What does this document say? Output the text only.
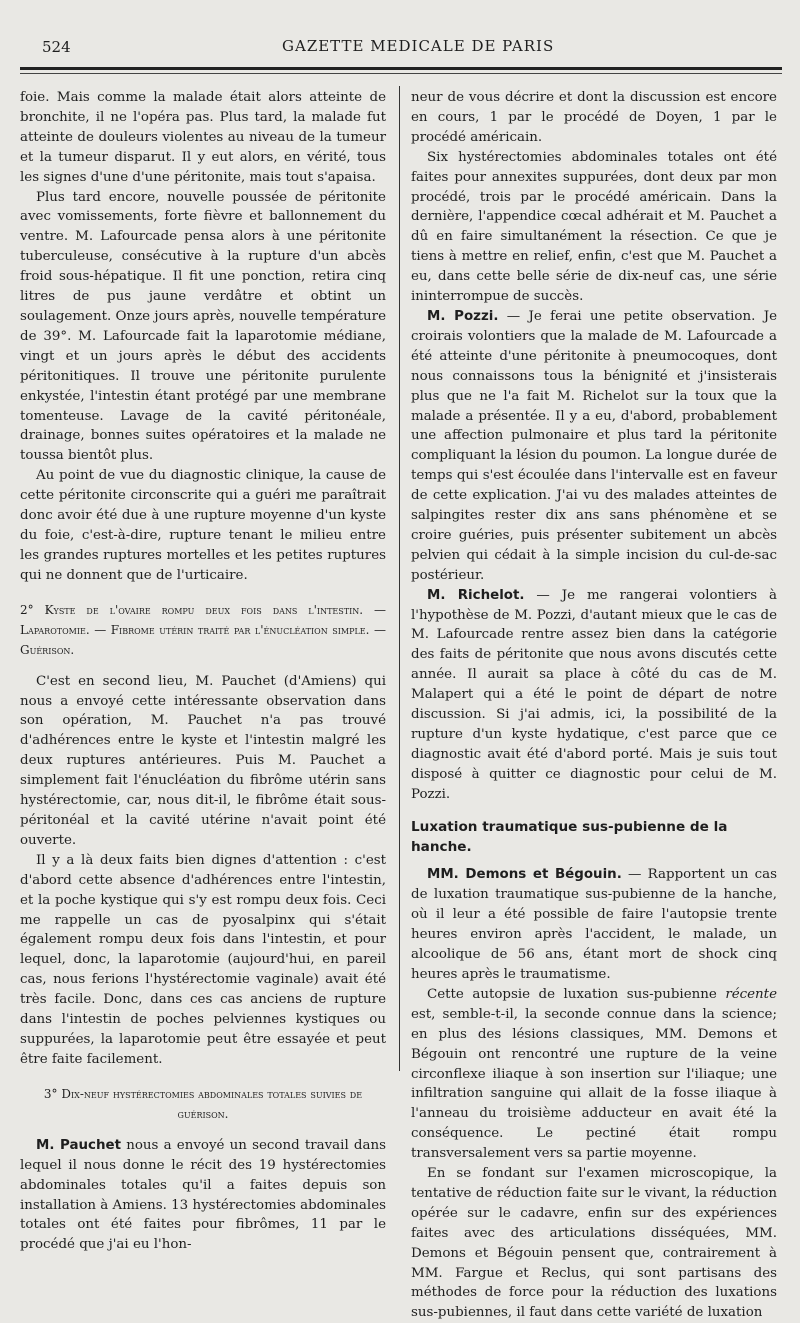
524	GAZETTE MEDICALE DE PARIS

foie. Mais comme la malade était alors atteinte de bronchite, il ne l'opéra pas. Plus tard, la malade fut atteinte de douleurs violentes au niveau de la tumeur et la tumeur disparut. Il y eut alors, en vérité, tous les signes d'une d'une péritonite, mais tout s'apaisa.

Plus tard encore, nouvelle poussée de péritonite avec vomissements, forte fièvre et ballonnement du ventre. M. Lafourcade pensa alors à une péritonite tuberculeuse, consécutive à la rupture d'un abcès froid sous-hépatique. Il fit une ponction, retira cinq litres de pus jaune verdâtre et obtint un soulagement. Onze jours après, nouvelle température de 39°. M. Lafourcade fait la laparotomie médiane, vingt et un jours après le début des accidents péritonitiques. Il trouve une péritonite purulente enkystée, l'intestin étant protégé par une membrane tomenteuse. Lavage de la cavité péritonéale, drainage, bonnes suites opératoires et la malade ne toussa bientôt plus.

Au point de vue du diagnostic clinique, la cause de cette péritonite circonscrite qui a guéri me paraîtrait donc avoir été due à une rupture moyenne d'un kyste du foie, c'est-à-dire, rupture tenant le milieu entre les grandes ruptures mortelles et les petites ruptures qui ne donnent que de l'urticaire.

2° Kyste de l'ovaire rompu deux fois dans l'intestin. — Laparotomie. — Fibrome utérin traité par l'énucléation simple. — Guérison.

C'est en second lieu, M. Pauchet (d'Amiens) qui nous a envoyé cette intéressante observation dans son opération, M. Pauchet n'a pas trouvé d'adhérences entre le kyste et l'intestin malgré les deux ruptures antérieures. Puis M. Pauchet a simplement fait l'énucléation du fibrôme utérin sans hystérectomie, car, nous dit-il, le fibrôme était sous-péritonéal et la cavité utérine n'avait point été ouverte.

Il y a là deux faits bien dignes d'attention : c'est d'abord cette absence d'adhérences entre l'intestin, et la poche kystique qui s'y est rompu deux fois. Ceci me rappelle un cas de pyosalpinx qui s'était également rompu deux fois dans l'intestin, et pour lequel, donc, la laparotomie (aujourd'hui, en pareil cas, nous ferions l'hystérectomie vaginale) avait été très facile. Donc, dans ces cas anciens de rupture dans l'intestin de poches pelviennes kystiques ou suppurées, la laparotomie peut être essayée et peut être faite facilement.

3° Dix-neuf hystérectomies abdominales totales suivies de guérison.

M. Pauchet nous a envoyé un second travail dans lequel il nous donne le récit des 19 hystérectomies abdominales totales qu'il a faites depuis son installation à Amiens. 13 hystérectomies abdominales totales ont été faites pour fibrômes, 11 par le procédé que j'ai eu l'hon-

neur de vous décrire et dont la discussion est encore en cours, 1 par le procédé de Doyen, 1 par le procédé américain.

Six hystérectomies abdominales totales ont été faites pour annexites suppurées, dont deux par mon procédé, trois par le procédé américain. Dans la dernière, l'appendice cœcal adhérait et M. Pauchet a dû en faire simultanément la résection. Ce que je tiens à mettre en relief, enfin, c'est que M. Pauchet a eu, dans cette belle série de dix-neuf cas, une série ininterrompue de succès.

M. Pozzi. — Je ferai une petite observation. Je croirais volontiers que la malade de M. Lafourcade a été atteinte d'une péritonite à pneumocoques, dont nous connaissons tous la bénignité et j'insisterais plus que ne l'a fait M. Richelot sur la toux que la malade a présentée. Il y a eu, d'abord, probablement une affection pulmonaire et plus tard la péritonite compliquant la lésion du poumon. La longue durée de temps qui s'est écoulée dans l'intervalle est en faveur de cette explication. J'ai vu des malades atteintes de salpingites rester dix ans sans phénomène et se croire guéries, puis présenter subitement un abcès pelvien qui cédait à la simple incision du cul-de-sac postérieur.

M. Richelot. — Je me rangerai volontiers à l'hypothèse de M. Pozzi, d'autant mieux que le cas de M. Lafourcade rentre assez bien dans la catégorie des faits de péritonite que nous avons discutés cette année. Il aurait sa place à côté du cas de M. Malapert qui a été le point de départ de notre discussion. Si j'ai admis, ici, la possibilité de la rupture d'un kyste hydatique, c'est parce que ce diagnostic avait été d'abord porté. Mais je suis tout disposé à quitter ce diagnostic pour celui de M. Pozzi.

Luxation traumatique sus-pubienne de la hanche.

MM. Demons et Bégouin. — Rapportent un cas de luxation traumatique sus-pubienne de la hanche, où il leur a été possible de faire l'autopsie trente heures environ après l'accident, le malade, un alcoolique de 56 ans, étant mort de shock cinq heures après le traumatisme.

Cette autopsie de luxation sus-pubienne récente est, semble-t-il, la seconde connue dans la science; en plus des lésions classiques, MM. Demons et Bégouin ont rencontré une rupture de la veine circonflexe iliaque à son insertion sur l'iliaque; une infiltration sanguine qui allait de la fosse iliaque à l'anneau du troisième adducteur en avait été la conséquence. Le pectiné était rompu transversalement vers sa partie moyenne.

En se fondant sur l'examen microscopique, la tentative de réduction faite sur le vivant, la réduction opérée sur le cadavre, enfin sur des expériences faites avec des articulations disséquées, MM. Demons et Bégouin pensent que, contrairement à MM. Fargue et Reclus, qui sont partisans des méthodes de force pour la réduction des luxations sus-pubiennes, il faut dans cette variété de luxation
